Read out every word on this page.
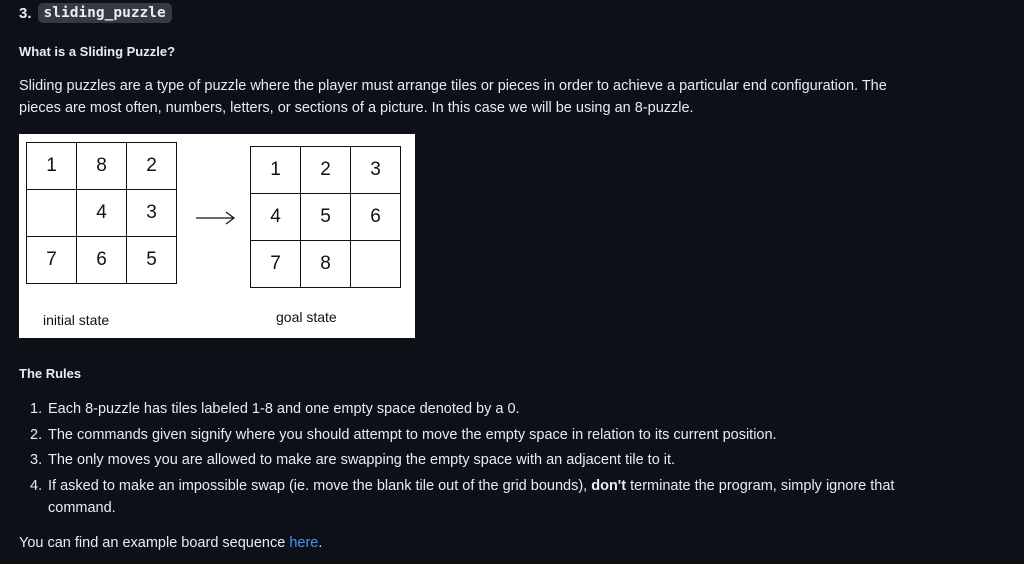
3. sliding_puzzle
What is a Sliding Puzzle?
Sliding puzzles are a type of puzzle where the player must arrange tiles or pieces in order to achieve a particular end configuration. The
pieces are most often, numbers, letters, or sections of a picture. In this case we will be using an 8-puzzle.
1	8	2
	4	3
7	6	5
initial state
1	2	3
4	5	6
7	8	
goal state
The Rules
1. Each 8-puzzle has tiles labeled 1-8 and one empty space denoted by a 0.
2. The commands given signify where you should attempt to move the empty space in relation to its current position.
3. The only moves you are allowed to make are swapping the empty space with an adjacent tile to it.
4. If asked to make an impossible swap (ie. move the blank tile out of the grid bounds), don't terminate the program, simply ignore that
command.
You can find an example board sequence here.
